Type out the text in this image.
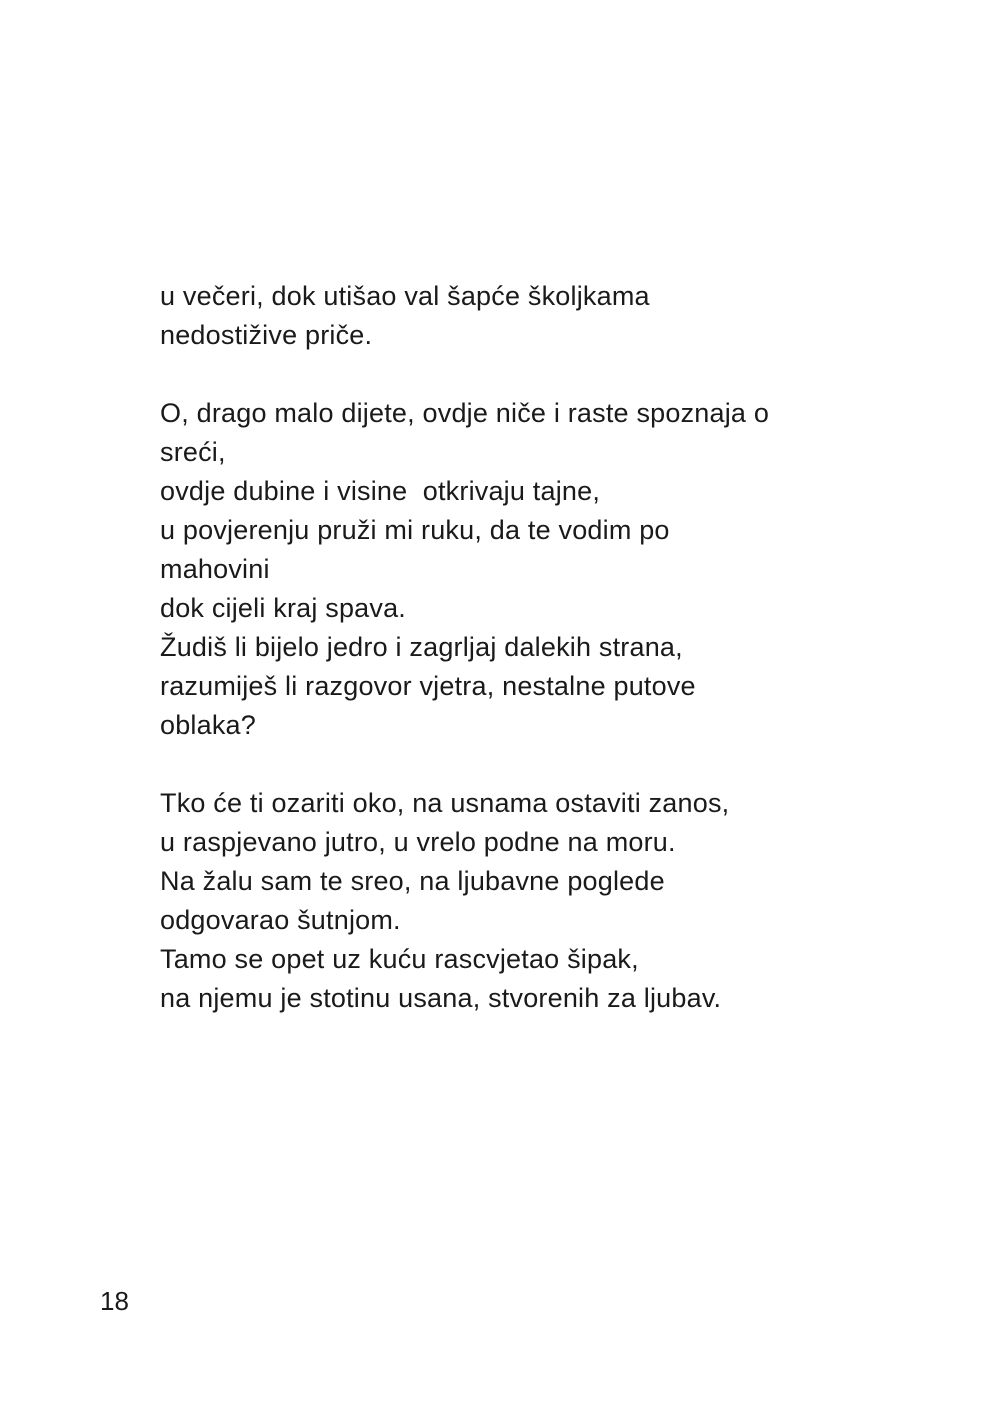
u večeri, dok utišao val šapće školjkama
nedostižive priče.
O, drago malo dijete, ovdje niče i raste spoznaja o
sreći,
ovdje dubine i visine  otkrivaju tajne,
u povjerenju pruži mi ruku, da te vodim po
mahovini
dok cijeli kraj spava.
Žudiš li bijelo jedro i zagrljaj dalekih strana,
razumiješ li razgovor vjetra, nestalne putove
oblaka?
Tko će ti ozariti oko, na usnama ostaviti zanos,
u raspjevano jutro, u vrelo podne na moru.
Na žalu sam te sreo, na ljubavne poglede
odgovarao šutnjom.
Tamo se opet uz kuću rascvjetao šipak,
na njemu je stotinu usana, stvorenih za ljubav.
18
